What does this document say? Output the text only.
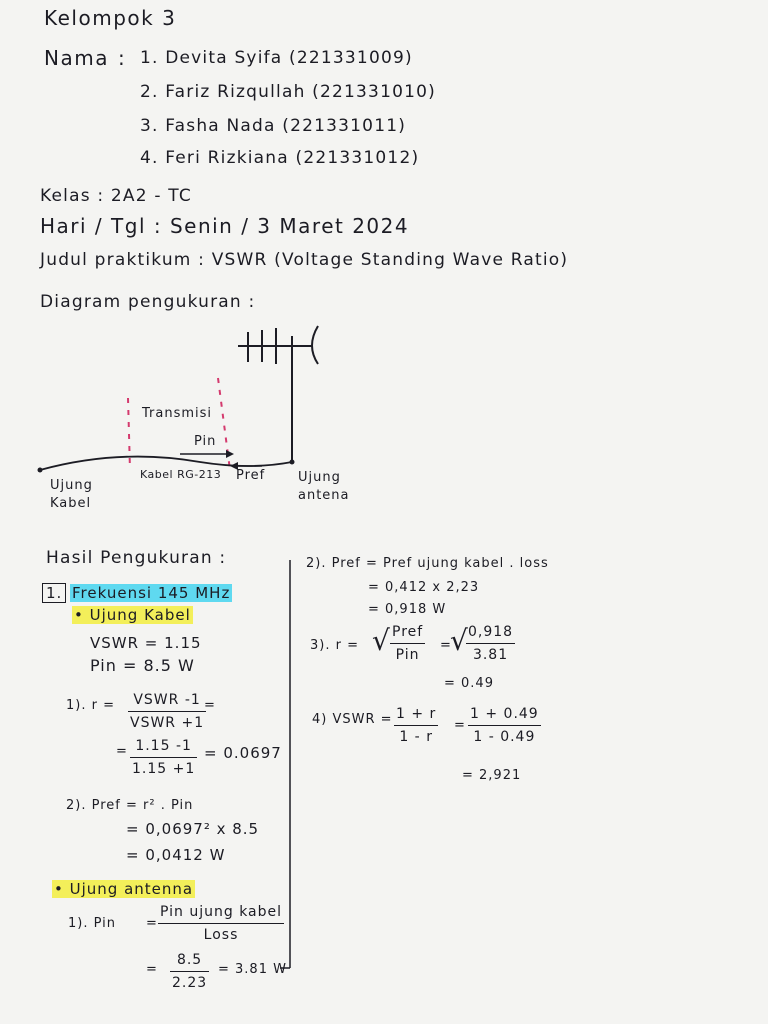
Kelompok 3
Nama : 1. Devita Syifa (221331009)
2. Fariz Rizqullah (221331010)
3. Fasha Nada (221331011)
4. Feri Rizkiana (221331012)
Kelas : 2A2 - TC
Hari / Tgl : Senin / 3 Maret 2024
Judul praktikum : VSWR (Voltage Standing Wave Ratio)
Diagram pengukuran :
Transmisi
Pin
Kabel RG-213 Pref
Ujung
Kabel
Ujung
antena
Hasil Pengukuran :
1. Frekuensi 145 MHz
• Ujung Kabel
VSWR = 1.15
Pin = 8.5 W
1). r = VSWR -1
VSWR +1
=
= 1.15 -1
1.15 +1
= 0.0697
2). Pref = r² . Pin
= 0,0697² x 8.5
= 0,0412 W
• Ujung antenna
1). Pin =
Pin ujung kabel
Loss
=
8.5
2.23
= 3.81 W
2). Pref = Pref ujung kabel . loss
= 0,412 x 2,23
= 0,918 W
3). r = √ Pref
Pin
=
√ 0,918
3.81
= 0.49
4) VSWR = 1 + r
1 - r
=
1 + 0.49
1 - 0.49
= 2,921
